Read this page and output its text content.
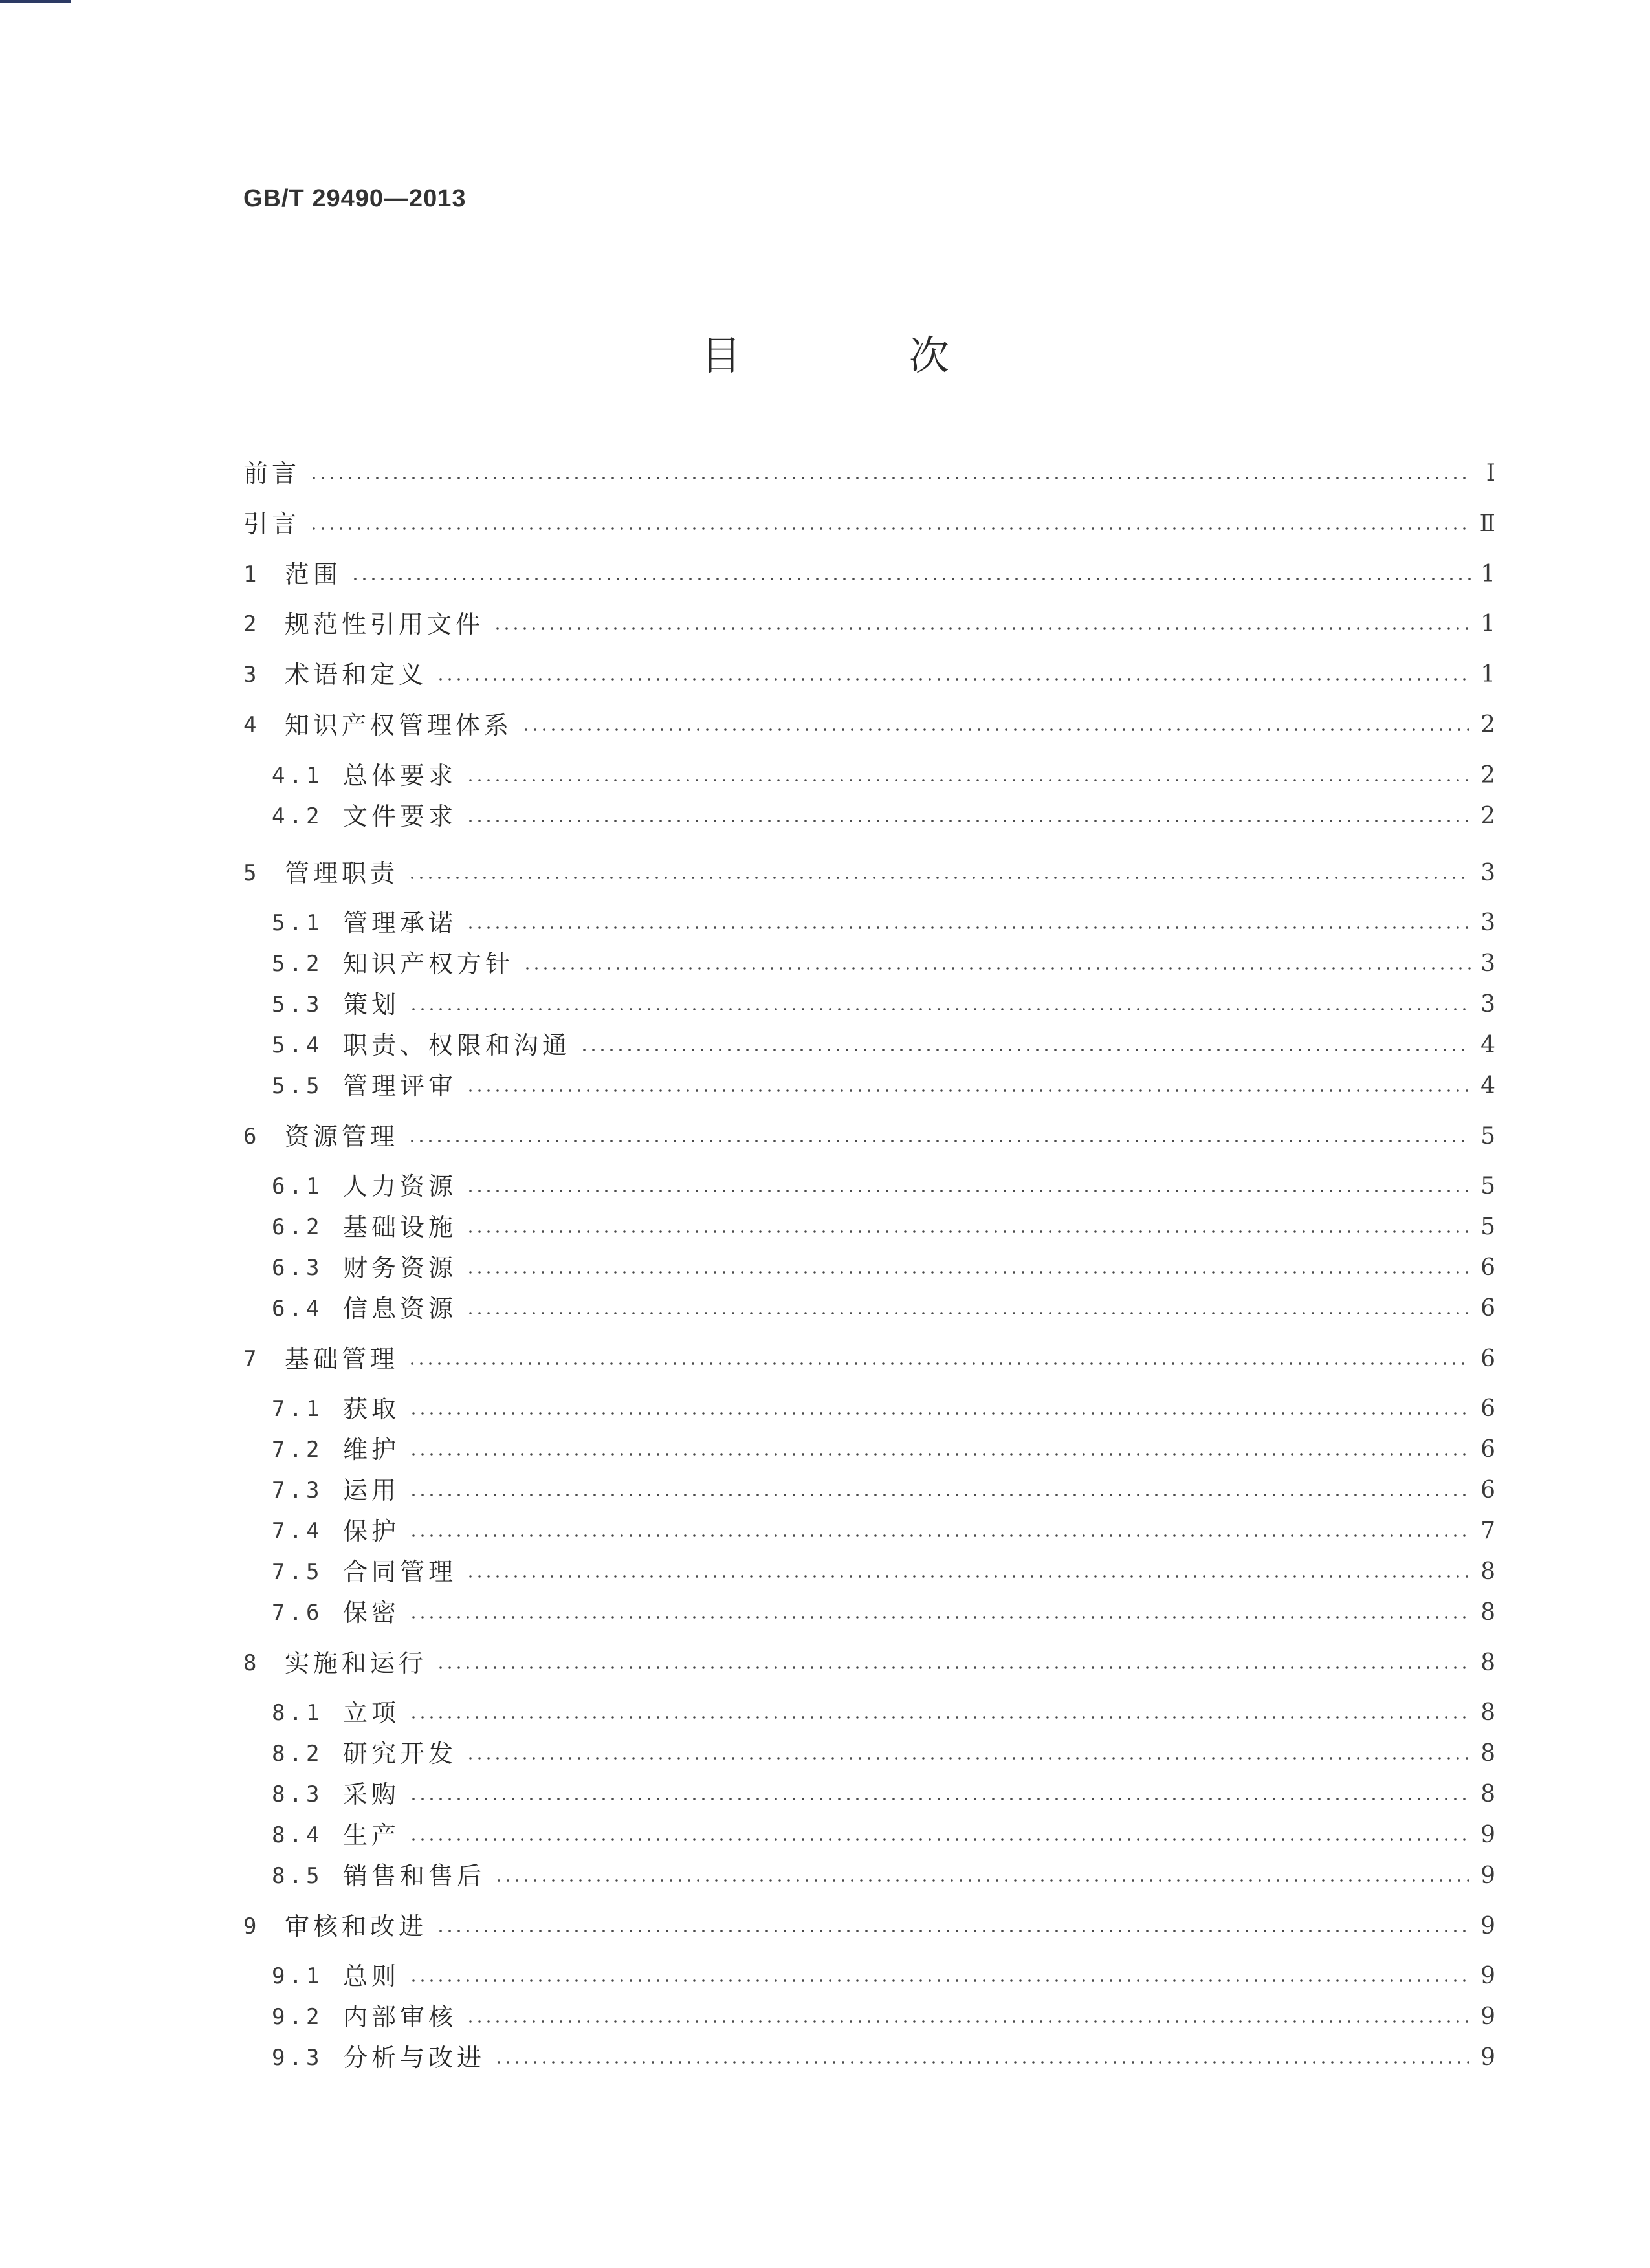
GB/T 29490—2013
目 次
前言	Ⅰ
引言	Ⅱ
1	范围	1
2	规范性引用文件	1
3	术语和定义	1
4	知识产权管理体系	2
4.1 总体要求	2
4.2 文件要求	2
5	管理职责	3
5.1 管理承诺	3
5.2 知识产权方针	3
5.3 策划	3
5.4 职责、权限和沟通	4
5.5 管理评审	4
6	资源管理	5
6.1 人力资源	5
6.2 基础设施	5
6.3 财务资源	6
6.4 信息资源	6
7	基础管理	6
7.1 获取	6
7.2 维护	6
7.3 运用	6
7.4 保护	7
7.5 合同管理	8
7.6 保密	8
8	实施和运行	8
8.1 立项	8
8.2 研究开发	8
8.3 采购	8
8.4 生产	9
8.5 销售和售后	9
9	审核和改进	9
9.1 总则	9
9.2 内部审核	9
9.3 分析与改进	9
